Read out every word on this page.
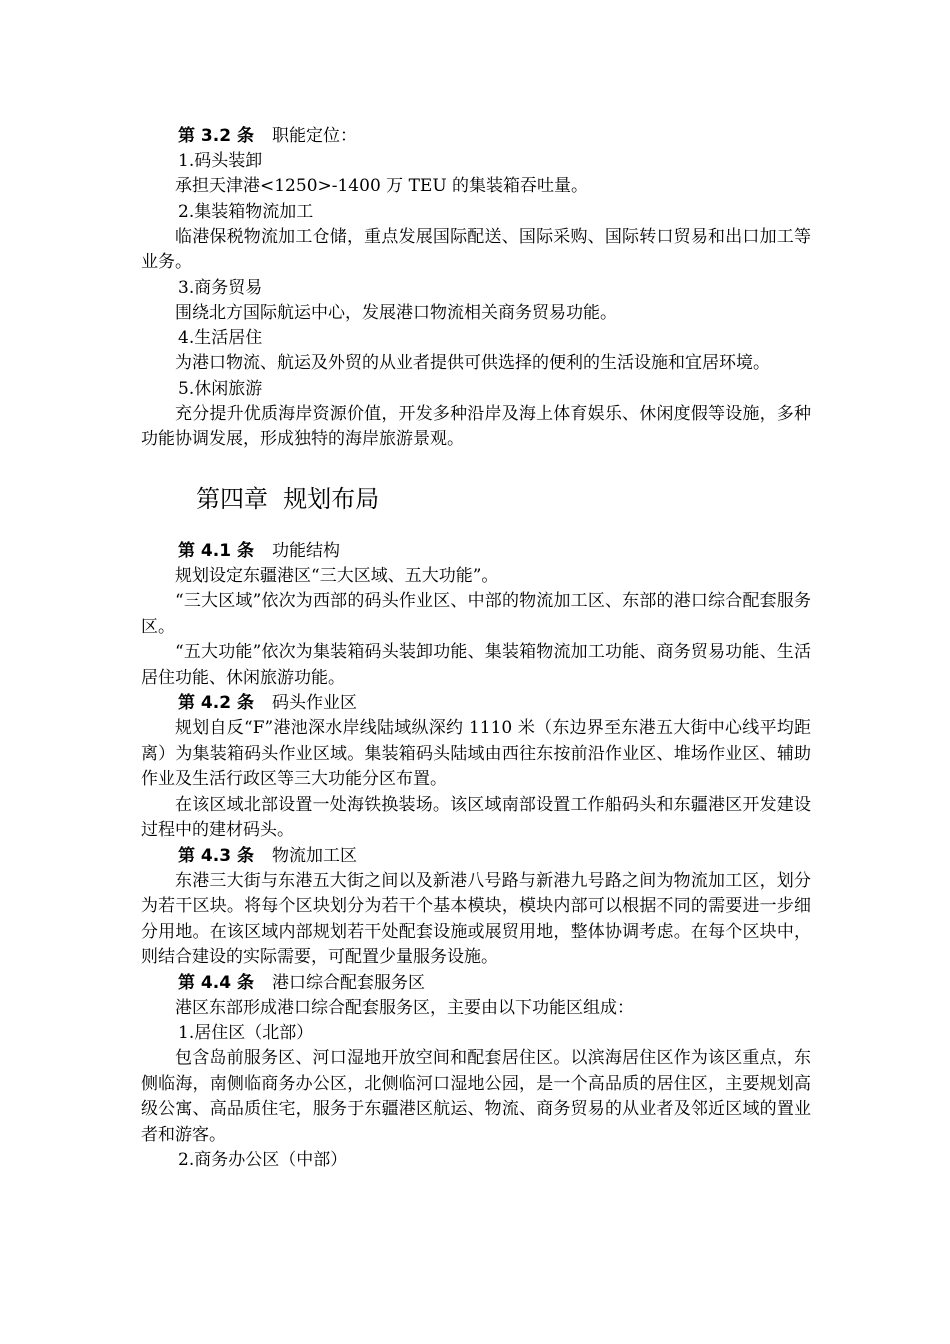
第 3.2 条 职能定位：
1.码头装卸

承担天津港<1250>-1400 万 TEU 的集装箱吞吐量。

2.集装箱物流加工

临港保税物流加工仓储，重点发展国际配送、国际采购、国际转口贸易和出口加工等业务。

3.商务贸易

围绕北方国际航运中心，发展港口物流相关商务贸易功能。

4.生活居住

为港口物流、航运及外贸的从业者提供可供选择的便利的生活设施和宜居环境。

5.休闲旅游

充分提升优质海岸资源价值，开发多种沿岸及海上体育娱乐、休闲度假等设施，多种功能协调发展，形成独特的海岸旅游景观。

第四章  规划布局
第 4.1 条 功能结构

规划设定东疆港区“三大区域、五大功能”。

“三大区域”依次为西部的码头作业区、中部的物流加工区、东部的港口综合配套服务区。

“五大功能”依次为集装箱码头装卸功能、集装箱物流加工功能、商务贸易功能、生活居住功能、休闲旅游功能。

第 4.2 条 码头作业区

规划自反“F”港池深水岸线陆域纵深约 1110 米（东边界至东港五大街中心线平均距离）为集装箱码头作业区域。集装箱码头陆域由西往东按前沿作业区、堆场作业区、辅助作业及生活行政区等三大功能分区布置。

在该区域北部设置一处海铁换装场。该区域南部设置工作船码头和东疆港区开发建设过程中的建材码头。

第 4.3 条 物流加工区

东港三大街与东港五大街之间以及新港八号路与新港九号路之间为物流加工区，划分为若干区块。将每个区块划分为若干个基本模块，模块内部可以根据不同的需要进一步细分用地。在该区域内部规划若干处配套设施或展贸用地，整体协调考虑。在每个区块中，则结合建设的实际需要，可配置少量服务设施。

第 4.4 条 港口综合配套服务区

港区东部形成港口综合配套服务区，主要由以下功能区组成：

1.居住区（北部）

包含岛前服务区、河口湿地开放空间和配套居住区。以滨海居住区作为该区重点，东侧临海，南侧临商务办公区，北侧临河口湿地公园，是一个高品质的居住区，主要规划高级公寓、高品质住宅，服务于东疆港区航运、物流、商务贸易的从业者及邻近区域的置业者和游客。

2.商务办公区（中部）
